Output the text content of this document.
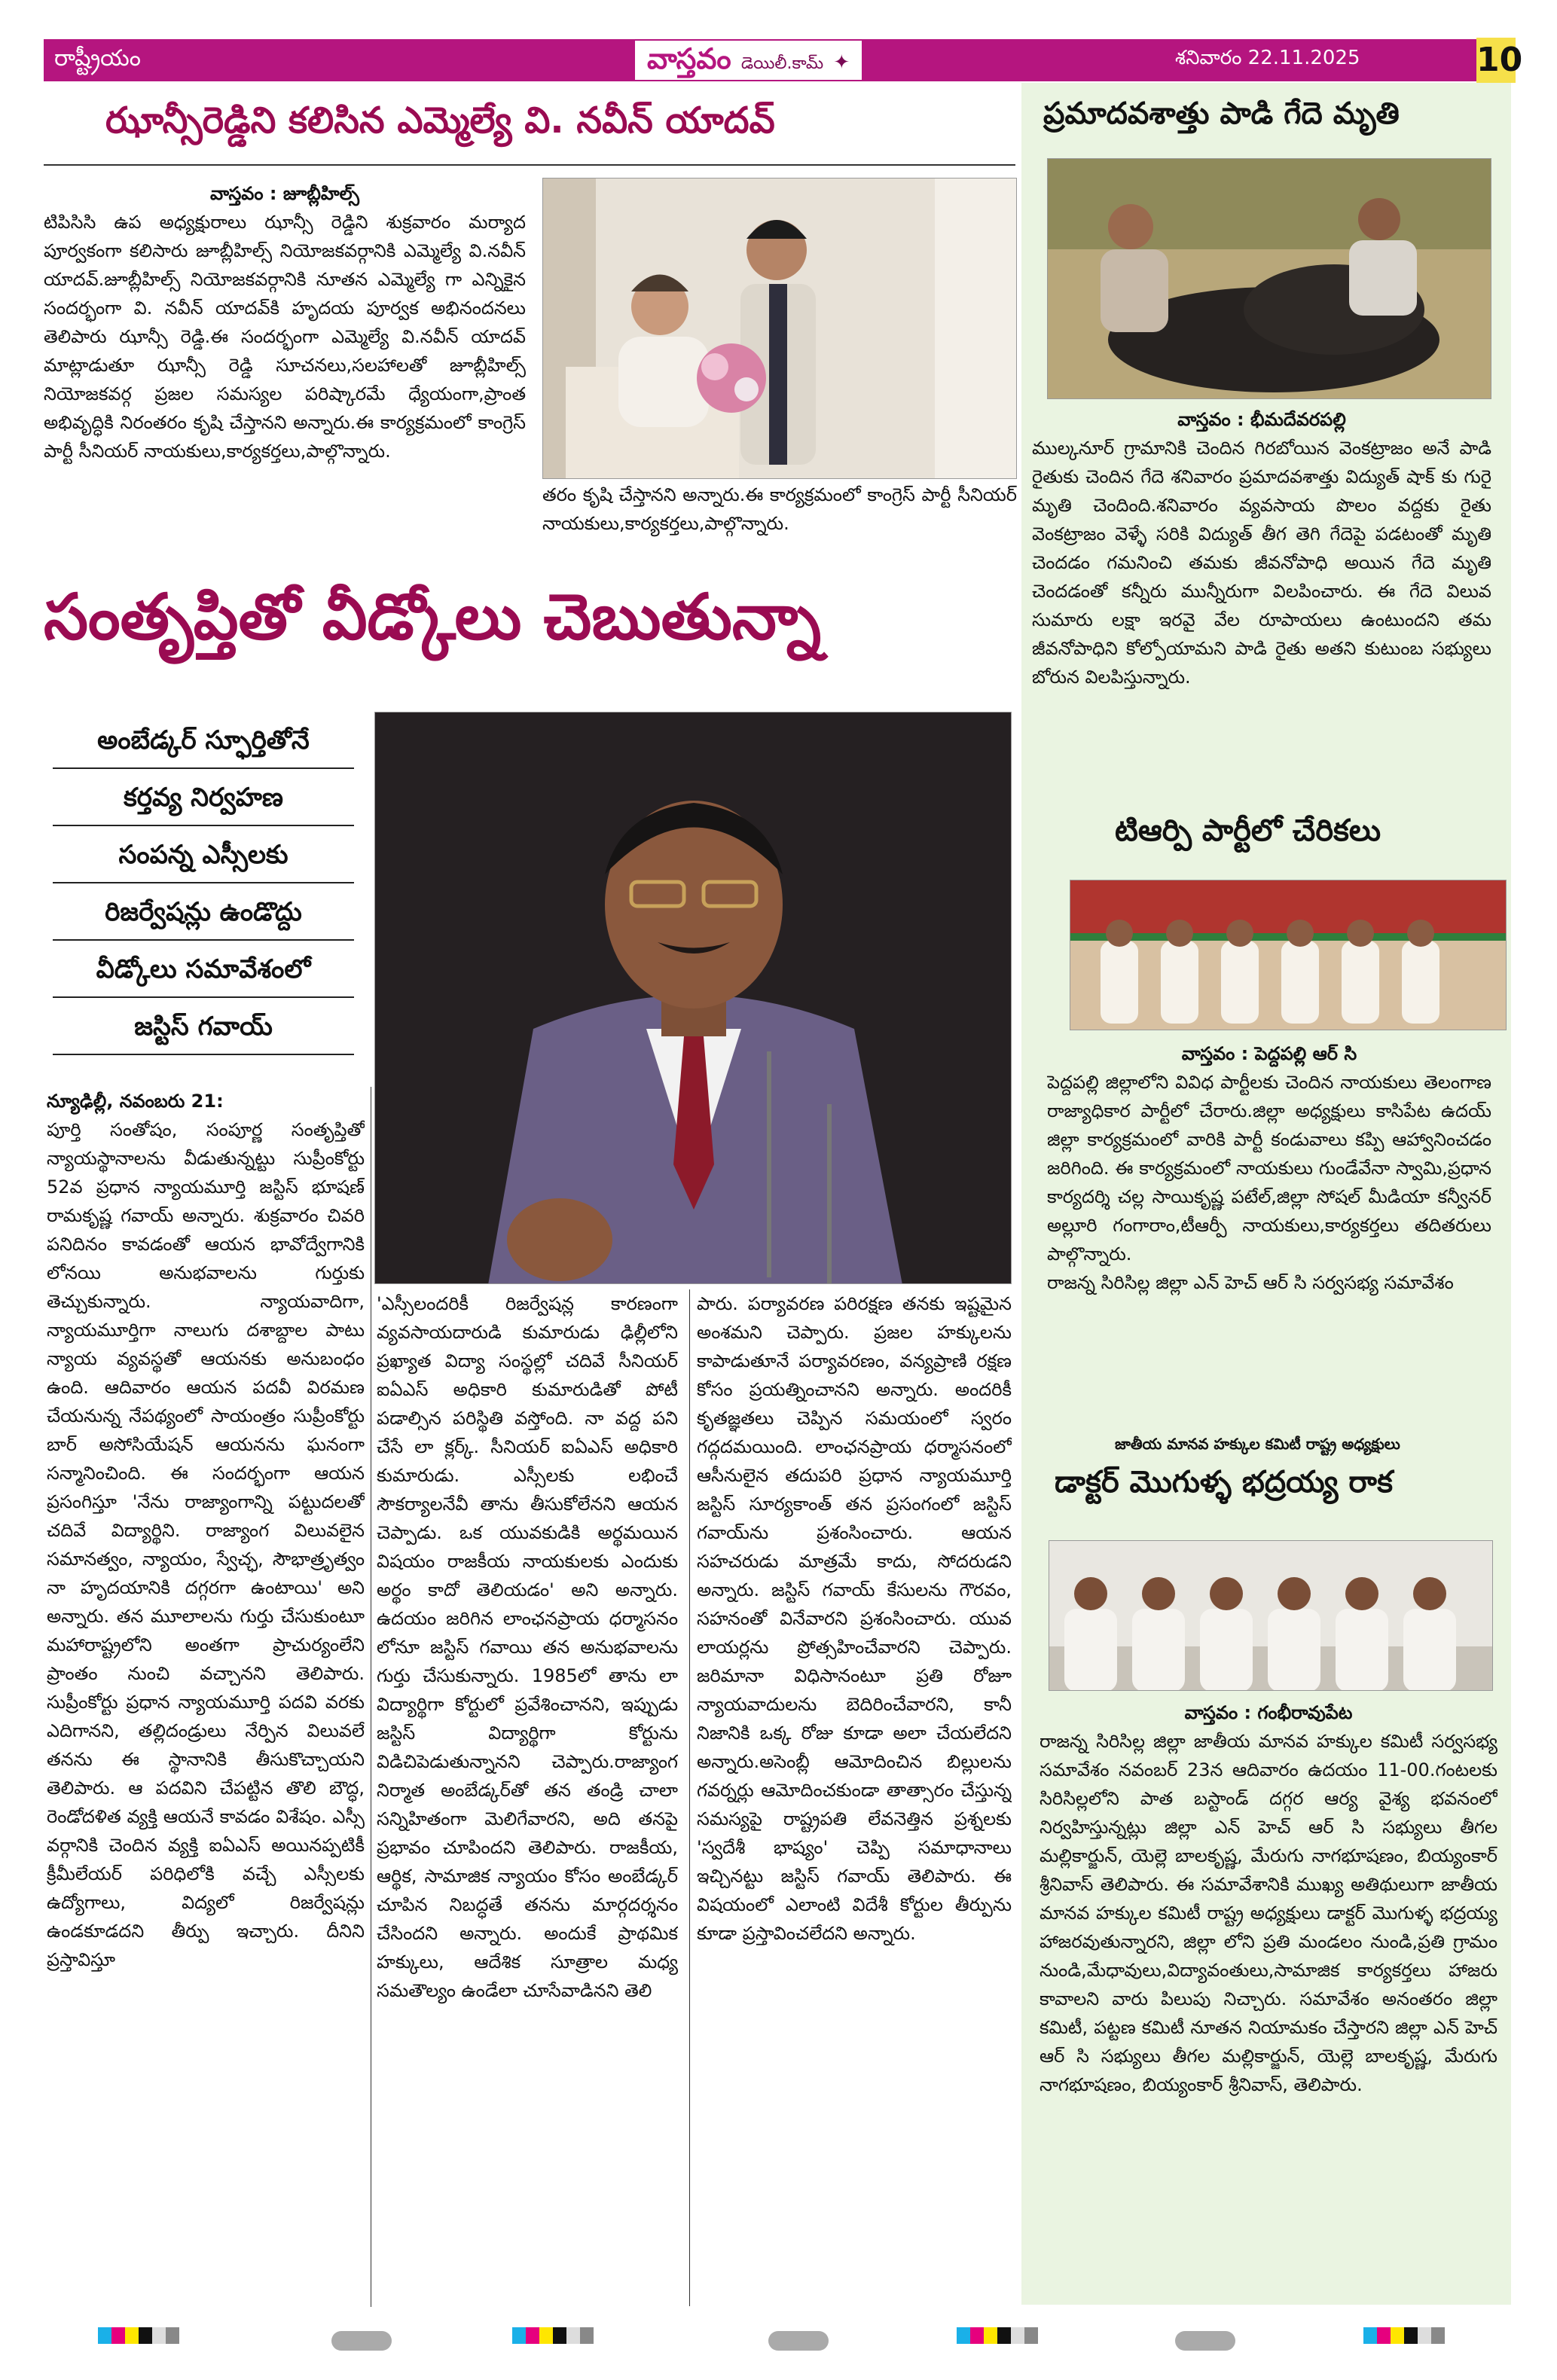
రాష్ట్రీయం	వాస్తవం డెయిలీ.కామ్ ✦	శనివారం 22.11.2025	10
ఝాన్సీరెడ్డిని కలిసిన ఎమ్మెల్యే వి. నవీన్ యాదవ్

వాస్తవం : జూబ్లీహిల్స్

టిపిసిసి ఉప అధ్యక్షురాలు ఝాన్సీ రెడ్డిని శుక్రవారం మర్యాద పూర్వకంగా కలిసారు జూబ్లీహిల్స్ నియోజకవర్గానికి ఎమ్మెల్యే వి.నవీన్ యాదవ్.జూబ్లీహిల్స్ నియోజకవర్గానికి నూతన ఎమ్మెల్యే గా ఎన్నికైన సందర్భంగా వి. నవీన్ యాదవ్‌కి హృదయ పూర్వక అభినందనలు తెలిపారు ఝాన్సీ రెడ్డి.ఈ సందర్భంగా ఎమ్మెల్యే వి.నవీన్ యాదవ్ మాట్లాడుతూ ఝాన్సీ రెడ్డి సూచనలు,సలహాలతో జూబ్లీహిల్స్ నియోజకవర్గ ప్రజల సమస్యల పరిష్కారమే ధ్యేయంగా,ప్రాంత అభివృద్ధికి నిరంతరం కృషి చేస్తానని అన్నారు.ఈ కార్యక్రమంలో కాంగ్రెస్ పార్టీ సీనియర్ నాయకులు,కార్యకర్తలు,పాల్గొన్నారు.

తరం కృషి చేస్తానని అన్నారు.ఈ కార్యక్రమంలో కాంగ్రెస్ పార్టీ సీనియర్ నాయకులు,కార్యకర్తలు,పాల్గొన్నారు.

సంతృప్తితో వీడ్కోలు చెబుతున్నా
అంబేడ్కర్ స్ఫూర్తితోనే
కర్తవ్య నిర్వహణ
సంపన్న ఎస్సీలకు
రిజర్వేషన్లు ఉండొద్దు
వీడ్కోలు సమావేశంలో
జస్టిస్ గవాయ్

న్యూఢిల్లీ, నవంబరు 21:

పూర్తి సంతోషం, సంపూర్ణ సంతృప్తితో న్యాయస్థానాలను వీడుతున్నట్టు సుప్రీంకోర్టు 52వ ప్రధాన న్యాయమూర్తి జస్టిస్ భూషణ్ రామకృష్ణ గవాయ్ అన్నారు. శుక్రవారం చివరి పనిదినం కావడంతో ఆయన భావోద్వేగానికి లోనయి అనుభవాలను గుర్తుకు తెచ్చుకున్నారు. న్యాయవాదిగా, న్యాయమూర్తిగా నాలుగు దశాబ్దాల పాటు న్యాయ వ్యవస్థతో ఆయనకు అనుబంధం ఉంది. ఆదివారం ఆయన పదవీ విరమణ చేయనున్న నేపథ్యంలో సాయంత్రం సుప్రీంకోర్టు బార్ అసోసియేషన్ ఆయనను ఘనంగా సన్మానించింది. ఈ సందర్భంగా ఆయన ప్రసంగిస్తూ 'నేను రాజ్యాంగాన్ని పట్టుదలతో చదివే విద్యార్థిని. రాజ్యాంగ విలువలైన సమానత్వం, న్యాయం, స్వేచ్ఛ, సౌభాత్రృత్వం నా హృదయానికి దగ్గరగా ఉంటాయి' అని అన్నారు. తన మూలాలను గుర్తు చేసుకుంటూ మహారాష్ట్రలోని అంతగా ప్రాచుర్యంలేని ప్రాంతం నుంచి వచ్చానని తెలిపారు. సుప్రీంకోర్టు ప్రధాన న్యాయమూర్తి పదవి వరకు ఎదిగానని, తల్లిదండ్రులు నేర్పిన విలువలే తనను ఈ స్థానానికి తీసుకొచ్చాయని తెలిపారు. ఆ పదవిని చేపట్టిన తొలి బౌద్ధ, రెండోదళిత వ్యక్తి ఆయనే కావడం విశేషం. ఎస్సీ వర్గానికి చెందిన వ్యక్తి ఐఏఎస్‌ అయినప్పటికీ క్రీమీలేయర్ పరిధిలోకి వచ్చే ఎస్సీలకు ఉద్యోగాలు, విద్యలో రిజర్వేషన్లు ఉండకూడదని తీర్పు ఇచ్చారు. దీనిని ప్రస్తావిస్తూ

'ఎస్సీలందరికీ రిజర్వేషన్ల కారణంగా వ్యవసాయదారుడి కుమారుడు ఢిల్లీలోని ప్రఖ్యాత విద్యా సంస్థల్లో చదివే సీనియర్ ఐఏఎస్ అధికారి కుమారుడితో పోటీ పడాల్సిన పరిస్థితి వస్తోంది. నా వద్ద పని చేసే లా క్లర్క్. సీనియర్ ఐఏఎస్ అధికారి కుమారుడు. ఎస్సీలకు లభించే సౌకర్యాలనేవీ తాను తీసుకోలేనని ఆయన చెప్పాడు. ఒక యువకుడికి అర్థమయిన విషయం రాజకీయ నాయకులకు ఎందుకు అర్థం కాదో తెలియడం' అని అన్నారు. ఉదయం జరిగిన లాంఛనప్రాయ ధర్మాసనం లోనూ జస్టిస్ గవాయి తన అనుభవాలను గుర్తు చేసుకున్నారు. 1985లో తాను లా విద్యార్థిగా కోర్టులో ప్రవేశించానని, ఇప్పుడు జస్టిస్ విద్యార్థిగా కోర్టును విడిచిపెడుతున్నానని చెప్పారు.రాజ్యాంగ నిర్మాత అంబేడ్కర్‌తో తన తండ్రి చాలా సన్నిహితంగా మెలిగేవారని, అది తనపై ప్రభావం చూపిందని తెలిపారు. రాజకీయ, ఆర్థిక, సామాజిక న్యాయం కోసం అంబేడ్కర్ చూపిన నిబద్ధతే తనను మార్గదర్శనం చేసిందని అన్నారు. అందుకే ప్రాథమిక హక్కులు, ఆదేశిక సూత్రాల మధ్య సమతౌల్యం ఉండేలా చూసేవాడినని తెలి

పారు. పర్యావరణ పరిరక్షణ తనకు ఇష్టమైన అంశమని చెప్పారు. ప్రజల హక్కులను కాపాడుతూనే పర్యావరణం, వన్యప్రాణి రక్షణ కోసం ప్రయత్నించానని అన్నారు. అందరికీ కృతజ్ఞతలు చెప్పిన సమయంలో స్వరం గద్గదమయింది. లాంఛనప్రాయ ధర్మాసనంలో ఆసీనులైన తదుపరి ప్రధాన న్యాయమూర్తి జస్టిస్ సూర్యకాంత్ తన ప్రసంగంలో జస్టిస్ గవాయ్‌ను ప్రశంసించారు. ఆయన సహచరుడు మాత్రమే కాదు, సోదరుడని అన్నారు. జస్టిస్ గవాయ్ కేసులను గౌరవం, సహనంతో వినేవారని ప్రశంసించారు. యువ లాయర్లను ప్రోత్సహించేవారని చెప్పారు. జరిమానా విధిసానంటూ ప్రతి రోజూ న్యాయవాదులను బెదిరించేవారని, కానీ నిజానికి ఒక్క రోజు కూడా అలా చేయలేదని అన్నారు.అసెంబ్లీ ఆమోదించిన బిల్లులను గవర్నర్లు ఆమోదించకుండా తాత్సారం చేస్తున్న సమస్యపై రాష్ట్రపతి లేవనెత్తిన ప్రశ్నలకు 'స్వదేశీ భాష్యం' చెప్పి సమాధానాలు ఇచ్చినట్టు జస్టిస్ గవాయ్ తెలిపారు. ఈ విషయంలో ఎలాంటి విదేశీ కోర్టుల తీర్పును కూడా ప్రస్తావించలేదని అన్నారు.

ప్రమాదవశాత్తు పాడి గేదె మృతి

వాస్తవం : భీమదేవరపల్లి

ముల్కనూర్ గ్రామానికి చెందిన గిరబోయిన వెంకట్రాజం అనే పాడి రైతుకు చెందిన గేదె శనివారం ప్రమాదవశాత్తు విద్యుత్ షాక్ కు గురై మృతి చెందింది.శనివారం వ్యవసాయ పొలం వద్దకు రైతు వెంకట్రాజం వెళ్ళే సరికి విద్యుత్ తీగ తెగి గేదెపై పడటంతో మృతి చెందడం గమనించి తమకు జీవనోపాధి అయిన గేదె మృతి చెందడంతో కన్నీరు మున్నీరుగా విలపించారు. ఈ గేదె విలువ సుమారు లక్షా ఇరవై వేల రూపాయలు ఉంటుందని తమ జీవనోపాధిని కోల్పోయామని పాడి రైతు అతని కుటుంబ సభ్యులు బోరున విలపిస్తున్నారు.

టిఆర్పి పార్టీలో చేరికలు

వాస్తవం : పెద్దపల్లి ఆర్ సి

పెద్దపల్లి జిల్లాలోని వివిధ పార్టీలకు చెందిన నాయకులు తెలంగాణ రాజ్యాధికార పార్టీలో చేరారు.జిల్లా అధ్యక్షులు కాసిపేట ఉదయ్ జిల్లా కార్యక్రమంలో వారికి పార్టీ కండువాలు కప్పి ఆహ్వానించడం జరిగింది. ఈ కార్యక్రమంలో నాయకులు గుండేవేనా స్వామి,ప్రధాన కార్యదర్శి చల్ల సాయికృష్ణ పటేల్,జిల్లా సోషల్ మీడియా కన్వీనర్ అల్లూరి గంగారాం,టీఆర్పీ నాయకులు,కార్యకర్తలు తదితరులు పాల్గొన్నారు.

రాజన్న సిరిసిల్ల జిల్లా ఎన్ హెచ్ ఆర్ సి సర్వసభ్య సమావేశం

జాతీయ మానవ హక్కుల కమిటీ రాష్ట్ర అధ్యక్షులు
డాక్టర్ మొగుళ్ళ భద్రయ్య రాక

వాస్తవం : గంభీరావుపేట

రాజన్న సిరిసిల్ల జిల్లా జాతీయ మానవ హక్కుల కమిటీ సర్వసభ్య సమావేశం నవంబర్ 23న ఆదివారం ఉదయం 11-00.గంటలకు సిరిసిల్లలోని పాత బస్టాండ్ దగ్గర ఆర్య వైశ్య భవనంలో నిర్వహిస్తున్నట్లు జిల్లా ఎన్ హెచ్ ఆర్ సి సభ్యులు తీగల మల్లికార్జున్, యెల్లె బాలకృష్ణ, మేరుగు నాగభూషణం, బియ్యంకార్ శ్రీనివాస్ తెలిపారు. ఈ సమావేశానికి ముఖ్య అతిథులుగా జాతీయ మానవ హక్కుల కమిటీ రాష్ట్ర అధ్యక్షులు డాక్టర్ మొగుళ్ళ భద్రయ్య హాజరవుతున్నారని, జిల్లా లోని ప్రతి మండలం నుండి,ప్రతి గ్రామం నుండి,మేధావులు,విద్యావంతులు,సామాజిక కార్యకర్తలు హాజరు కావాలని వారు పిలుపు నిచ్చారు. సమావేశం అనంతరం జిల్లా కమిటీ, పట్టణ కమిటీ నూతన నియామకం చేస్తారని జిల్లా ఎన్ హెచ్ ఆర్ సి సభ్యులు తీగల మల్లికార్జున్, యెల్లె బాలకృష్ణ, మేరుగు నాగభూషణం, బియ్యంకార్ శ్రీనివాస్, తెలిపారు.
